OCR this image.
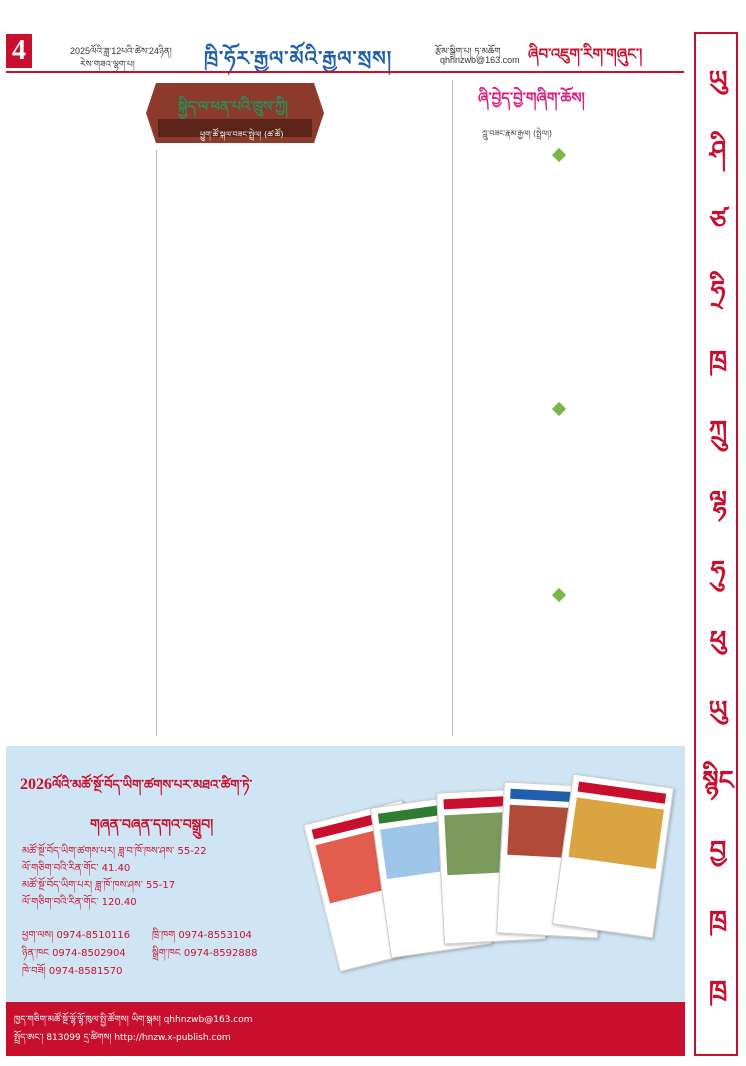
4	2025ལོའི་ཟླ་12པའི་ཚེས་24ཉིན།
རེས་གཟའ་ལྷག་པ།	ཁྲི་ཧོར་རྒྱལ་མོའི་རྒྱལ་སྲས།	རྩོམ་སྒྲིག་པ། ཏ་མཆོག
qhhnzwb@163.com ཞིབ་འཇུག་རིག་གཞུང་།
ཡུ
ཤི
ཙ
ཧྲི
ཁྲ
ཀྲུ
ལྷ
ཧུ
ཕུ
ཡུ
སྙིང
བྱ
ཁྲ
ཁྲ
སྐྱིད་ལ་ཕན་པའི་ཁྲུས་ཀྱི།
ཕྱུག་ཚོ་སྐལ་བཟང་སྤྲེལ། (ཚ་ཚོ)
ཞི་བྱེད་བྱེ་གཞིག་ཆོས།
ཀླུ་བཟང་རྣམ་རྒྱལ། (སྤྲེལ།)
2026ལོའི་མཚོ་སྔོ་བོད་ཡིག་ཚགས་པར་མཐའ་ཚིག་ཏེ་
གཞན་བཞན་དགའ་བསྒྲུབ།
མཚོ་སྔོ་བོད་ཡིག་ཚགས་པར། ཟླ་བ་ཁོ་ཁས་ཤས་ 55-22
ལོ་གཅིག་བའི་རིན་གོང་ 41.40
མཚོ་སྔོ་བོད་ཡིག་པར། ཟླ་ཁོ་ཁས་ཤས་ 55-17
ལོ་གཅིག་བའི་རིན་གོང་ 120.40
ཕྱག་ལས། 0974-8510116 ཁྲི་ཁག 0974-8553104
ཉིན་ཁང 0974-8502904	སྒྲིག་ཁང 0974-8592888
ཁེ་བཟོ། 0974-8581570
ཁྱད་གཅིག་མཚོ་སྔོ་ལྷོ་ལྷོ་ཁུལ་སྤྱི་ཚོགས། ཡིག་སྒམ། qhhnzwb@163.com
སྤྲོད་ཨང་། 813099 དྲ་ཚིགས། http://hnzw.x-publish.com
